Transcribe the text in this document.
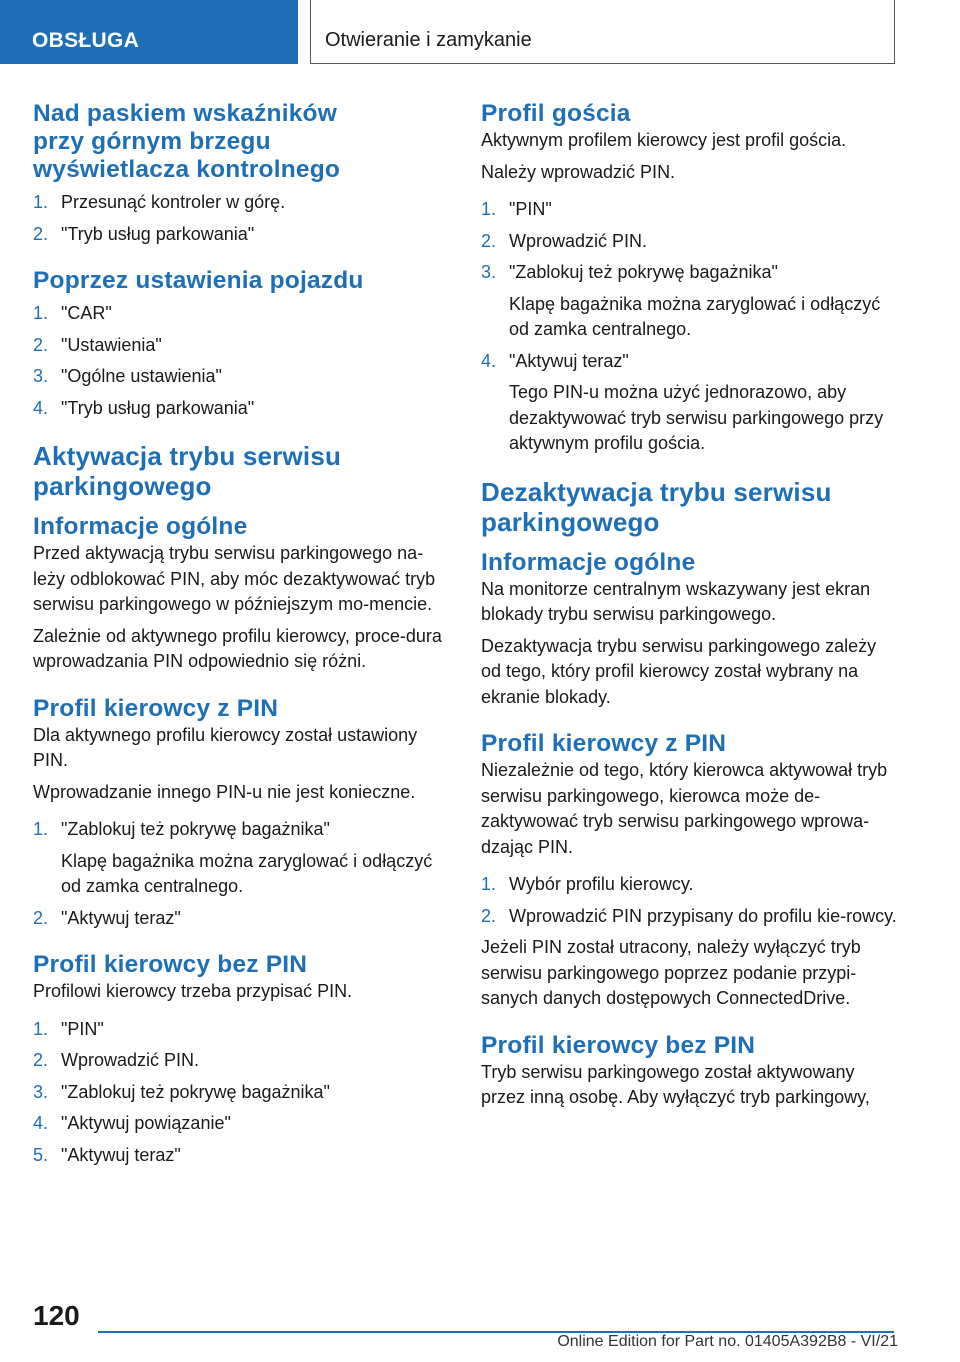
OBSŁUGA	Otwieranie i zamykanie
Nad paskiem wskaźników przy górnym brzegu wyświetlacza kontrolnego
1. Przesunąć kontroler w górę.
2. "Tryb usług parkowania"
Poprzez ustawienia pojazdu
1. "CAR"
2. "Ustawienia"
3. "Ogólne ustawienia"
4. "Tryb usług parkowania"
Aktywacja trybu serwisu parkingowego
Informacje ogólne

Przed aktywacją trybu serwisu parkingowego na-leży odblokować PIN, aby móc dezaktywować tryb serwisu parkingowego w późniejszym mo-mencie.

Zależnie od aktywnego profilu kierowcy, proce-dura wprowadzania PIN odpowiednio się różni.

Profil kierowcy z PIN

Dla aktywnego profilu kierowcy został ustawiony PIN.

Wprowadzanie innego PIN-u nie jest konieczne.

1. "Zablokuj też pokrywę bagażnika"
Klapę bagażnika można zaryglować i odłączyć od zamka centralnego.
2. "Aktywuj teraz"
Profil kierowcy bez PIN

Profilowi kierowcy trzeba przypisać PIN.

1. "PIN"
2. Wprowadzić PIN.
3. "Zablokuj też pokrywę bagażnika"
4. "Aktywuj powiązanie"
5. "Aktywuj teraz"
Profil gościa

Aktywnym profilem kierowcy jest profil gościa.

Należy wprowadzić PIN.

1. "PIN"
2. Wprowadzić PIN.
3. "Zablokuj też pokrywę bagażnika"
Klapę bagażnika można zaryglować i odłączyć od zamka centralnego.
4. "Aktywuj teraz"
Tego PIN-u można użyć jednorazowo, aby dezaktywować tryb serwisu parkingowego przy aktywnym profilu gościa.
Dezaktywacja trybu serwisu parkingowego
Informacje ogólne

Na monitorze centralnym wskazywany jest ekran blokady trybu serwisu parkingowego.

Dezaktywacja trybu serwisu parkingowego zależy od tego, który profil kierowcy został wybrany na ekranie blokady.

Profil kierowcy z PIN

Niezależnie od tego, który kierowca aktywował tryb serwisu parkingowego, kierowca może de-zaktywować tryb serwisu parkingowego wprowa-dzając PIN.

1. Wybór profilu kierowcy.
2. Wprowadzić PIN przypisany do profilu kie-rowcy.

Jeżeli PIN został utracony, należy wyłączyć tryb serwisu parkingowego poprzez podanie przypi-sanych danych dostępowych ConnectedDrive.

Profil kierowcy bez PIN

Tryb serwisu parkingowego został aktywowany przez inną osobę. Aby wyłączyć tryb parkingowy,

120
Online Edition for Part no. 01405A392B8 - VI/21
